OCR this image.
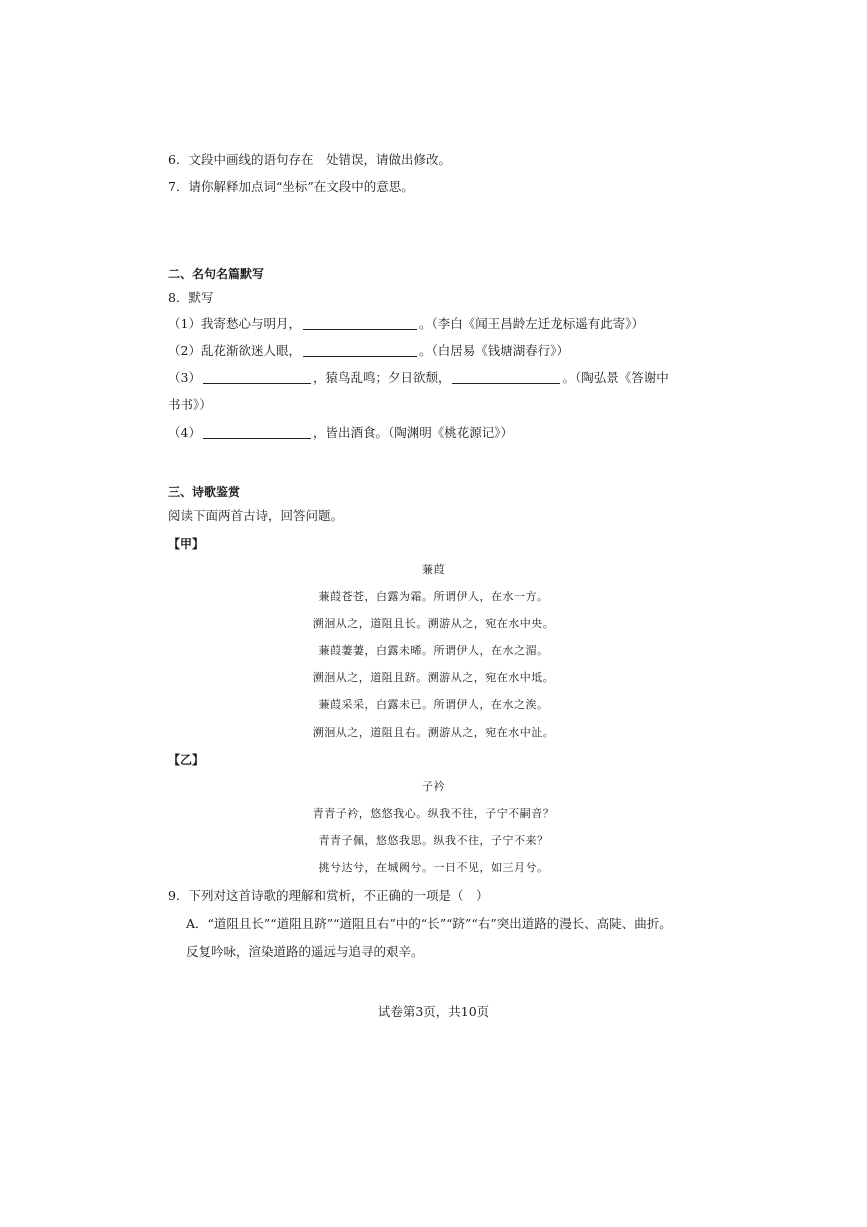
6．文段中画线的语句存在　处错误，请做出修改。
7．请你解释加点词“坐标”在文段中的意思。
二、名句名篇默写
8．默写
（1）我寄愁心与明月，	。（李白《闻王昌龄左迁龙标遥有此寄》）
（2）乱花渐欲迷人眼，	。（白居易《钱塘湖春行》）
（3）	，猿鸟乱鸣；夕日欲颓，	。（陶弘景《答谢中
书书》）
（4）	，皆出酒食。（陶渊明《桃花源记》）
三、诗歌鉴赏
阅读下面两首古诗，回答问题。
【甲】
蒹葭
蒹葭苍苍，白露为霜。所谓伊人，在水一方。
溯洄从之，道阻且长。溯游从之，宛在水中央。
蒹葭萋萋，白露未晞。所谓伊人，在水之湄。
溯洄从之，道阻且跻。溯游从之，宛在水中坻。
蒹葭采采，白露未已。所谓伊人，在水之涘。
溯洄从之，道阻且右。溯游从之，宛在水中沚。
【乙】
子衿
青青子衿，悠悠我心。纵我不往，子宁不嗣音？
青青子佩，悠悠我思。纵我不往，子宁不来？
挑兮达兮，在城阙兮。一日不见，如三月兮。
9．下列对这首诗歌的理解和赏析，不正确的一项是（　）
A．“道阻且长”“道阻且跻”“道阻且右”中的“长”“跻”“右”突出道路的漫长、高陡、曲折。
反复吟咏，渲染道路的遥远与追寻的艰辛。
试卷第3页，共10页
